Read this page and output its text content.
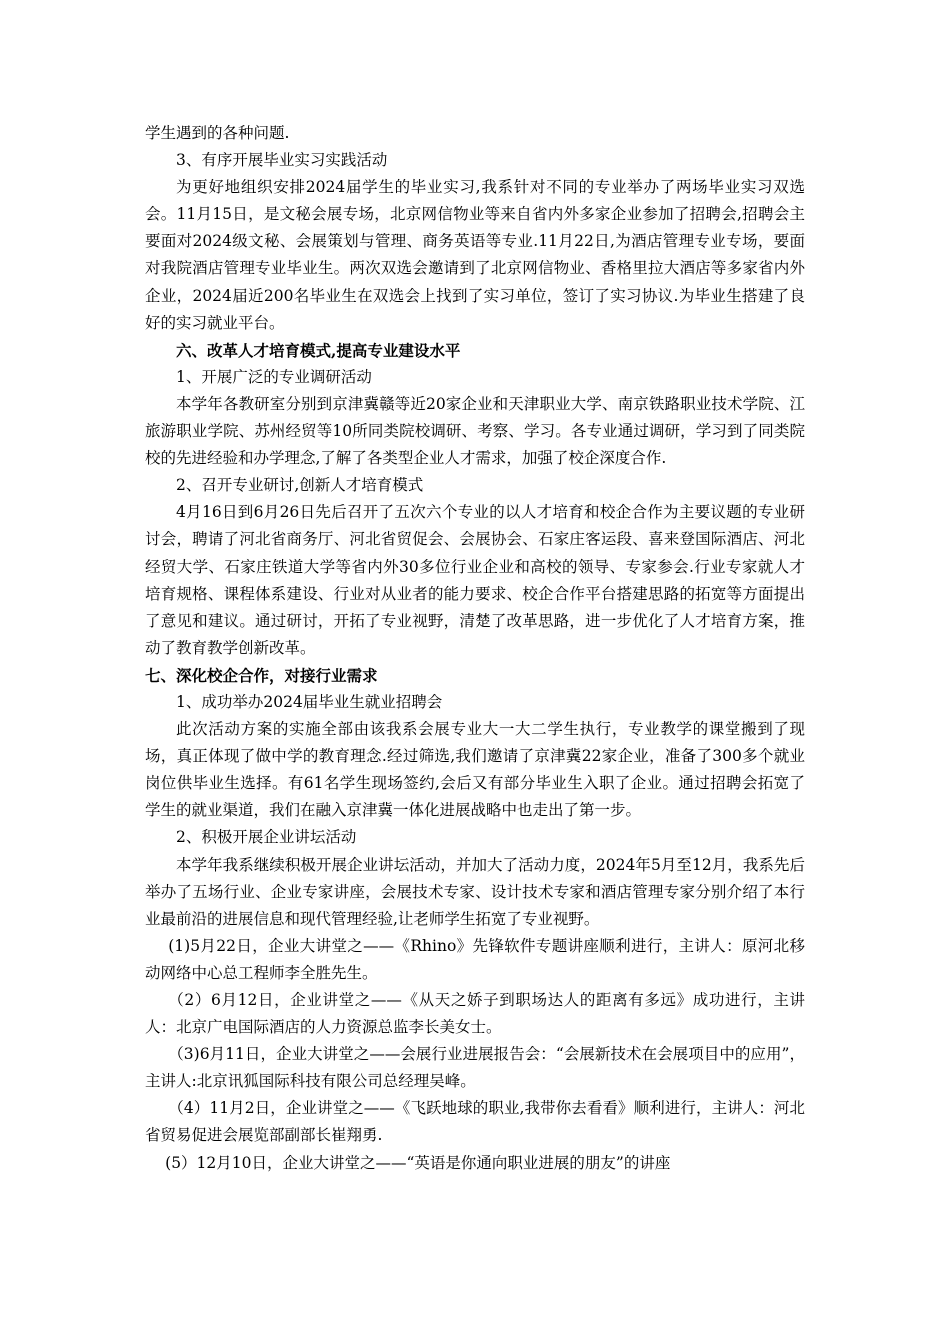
学生遇到的各种问题.

3、有序开展毕业实习实践活动

为更好地组织安排2024届学生的毕业实习,我系针对不同的专业举办了两场毕业实习双选会。11月15日，是文秘会展专场，北京网信物业等来自省内外多家企业参加了招聘会,招聘会主要面对2024级文秘、会展策划与管理、商务英语等专业.11月22日,为酒店管理专业专场，要面对我院酒店管理专业毕业生。两次双选会邀请到了北京网信物业、香格里拉大酒店等多家省内外企业，2024届近200名毕业生在双选会上找到了实习单位，签订了实习协议.为毕业生搭建了良好的实习就业平台。

六、改革人才培育模式,提高专业建设水平

1、开展广泛的专业调研活动

本学年各教研室分别到京津冀赣等近20家企业和天津职业大学、南京铁路职业技术学院、江旅游职业学院、苏州经贸等10所同类院校调研、考察、学习。各专业通过调研，学习到了同类院校的先进经验和办学理念,了解了各类型企业人才需求，加强了校企深度合作.

2、召开专业研讨,创新人才培育模式

4月16日到6月26日先后召开了五次六个专业的以人才培育和校企合作为主要议题的专业研讨会，聘请了河北省商务厅、河北省贸促会、会展协会、石家庄客运段、喜来登国际酒店、河北经贸大学、石家庄铁道大学等省内外30多位行业企业和高校的领导、专家参会.行业专家就人才培育规格、课程体系建设、行业对从业者的能力要求、校企合作平台搭建思路的拓宽等方面提出了意见和建议。通过研讨，开拓了专业视野，清楚了改革思路，进一步优化了人才培育方案，推动了教育教学创新改革。

七、深化校企合作，对接行业需求

1、成功举办2024届毕业生就业招聘会

此次活动方案的实施全部由该我系会展专业大一大二学生执行，专业教学的课堂搬到了现场，真正体现了做中学的教育理念.经过筛选,我们邀请了京津冀22家企业，准备了300多个就业岗位供毕业生选择。有61名学生现场签约,会后又有部分毕业生入职了企业。通过招聘会拓宽了学生的就业渠道，我们在融入京津冀一体化进展战略中也走出了第一步。

2、积极开展企业讲坛活动

本学年我系继续积极开展企业讲坛活动，并加大了活动力度，2024年5月至12月，我系先后举办了五场行业、企业专家讲座，会展技术专家、设计技术专家和酒店管理专家分别介绍了本行业最前沿的进展信息和现代管理经验,让老师学生拓宽了专业视野。

(1)5月22日，企业大讲堂之——《Rhino》先锋软件专题讲座顺利进行，主讲人：原河北移动网络中心总工程师李全胜先生。

（2）6月12日，企业讲堂之——《从天之娇子到职场达人的距离有多远》成功进行，主讲人：北京广电国际酒店的人力资源总监李长美女士。

（3)6月11日，企业大讲堂之——会展行业进展报告会：“会展新技术在会展项目中的应用”，主讲人:北京讯狐国际科技有限公司总经理吴峰。

（4）11月2日，企业讲堂之——《飞跃地球的职业,我带你去看看》顺利进行，主讲人：河北省贸易促进会展览部副部长崔翔勇.

(5）12月10日，企业大讲堂之——“英语是你通向职业进展的朋友”的讲座
